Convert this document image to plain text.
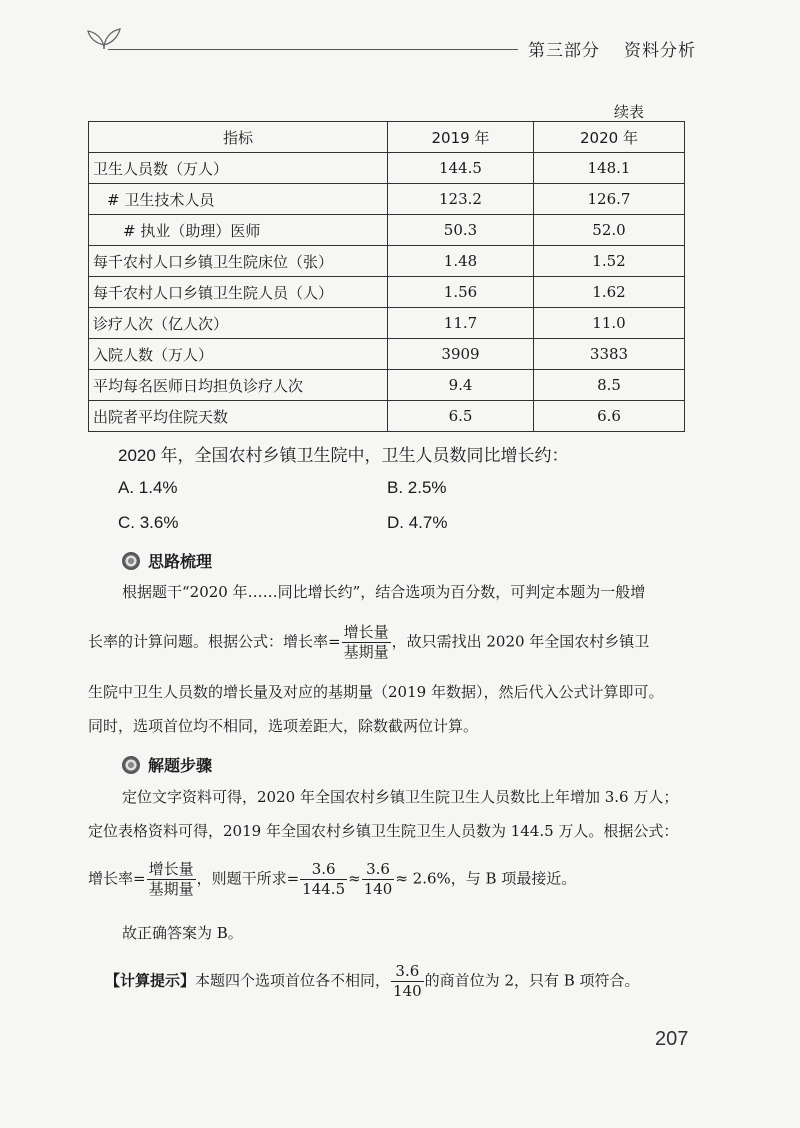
第三部分 资料分析
续表
指标	2019 年	2020 年
卫生人员数（万人）	144.5	148.1
# 卫生技术人员	123.2	126.7
# 执业（助理）医师	50.3	52.0
每千农村人口乡镇卫生院床位（张）	1.48	1.52
每千农村人口乡镇卫生院人员（人）	1.56	1.62
诊疗人次（亿人次）	11.7	11.0
入院人数（万人）	3909	3383
平均每名医师日均担负诊疗人次	9.4	8.5
出院者平均住院天数	6.5	6.6
2020 年，全国农村乡镇卫生院中，卫生人员数同比增长约：
A. 1.4%	B. 2.5%
C. 3.6%	D. 4.7%
思路梳理
根据题干“2020 年……同比增长约”，结合选项为百分数，可判定本题为一般增
长率的计算问题。根据公式：增长率= $\frac{\text{增长量}}{\text{基期量}}$ ，故只需找出 2020 年全国农村乡镇卫
生院中卫生人员数的增长量及对应的基期量（2019 年数据），然后代入公式计算即可。
同时，选项首位均不相同，选项差距大，除数截两位计算。
解题步骤
定位文字资料可得，2020 年全国农村乡镇卫生院卫生人员数比上年增加 3.6 万人；
定位表格资料可得，2019 年全国农村乡镇卫生院卫生人员数为 144.5 万人。根据公式：
增长率= $\frac{\text{增长量}}{\text{基期量}}$ ，则题干所求= $\frac{3.6}{144.5} \approx \frac{3.6}{140} \approx 2.6\%$，与 B 项最接近。
故正确答案为 B。
【计算提示】本题四个选项首位各不相同， $\frac{3.6}{140}$ 的商首位为 2，只有 B 项符合。
207
